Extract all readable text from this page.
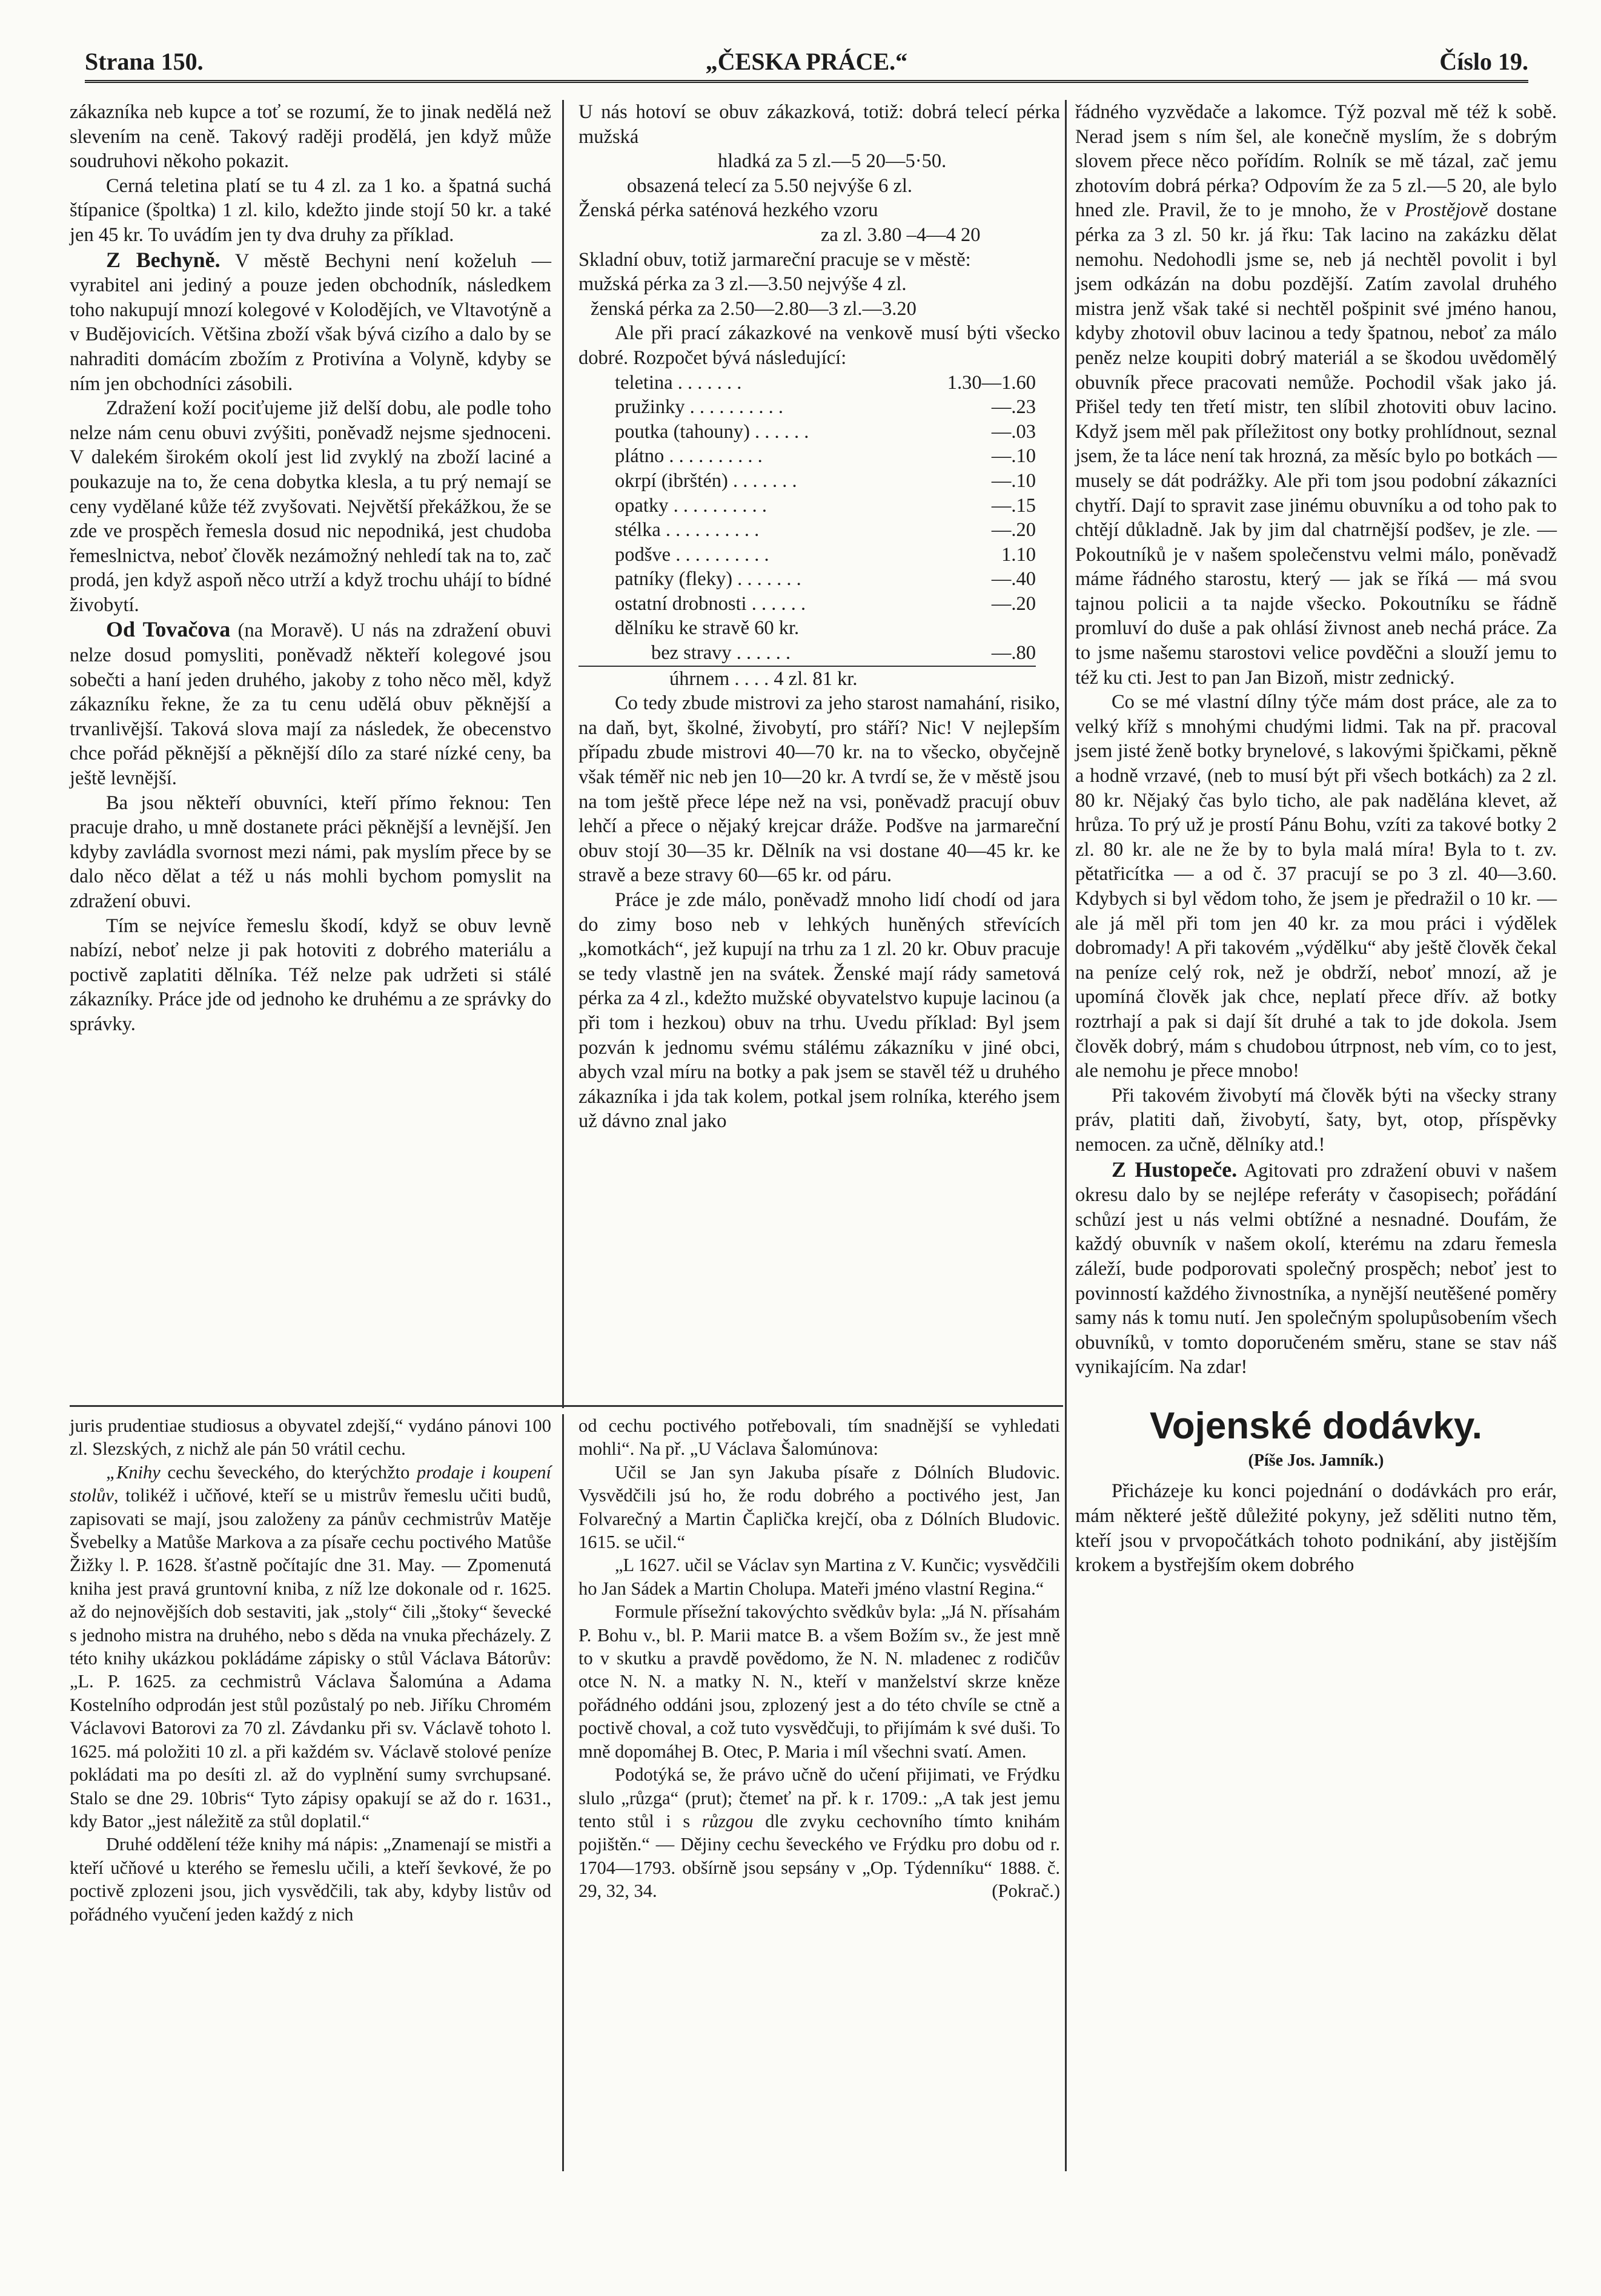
Strana 150.	„ČESKA PRÁCE.“	Číslo 19.

zákazníka neb kupce a toť se rozumí, že to jinak nedělá než slevením na ceně. Takový raději prodělá, jen když může soudruhovi někoho pokazit.

Cerná teletina platí se tu 4 zl. za 1 ko. a špatná suchá štípanice (špoltka) 1 zl. kilo, kdežto jinde stojí 50 kr. a také jen 45 kr. To uvádím jen ty dva druhy za příklad.

Z Bechyně. V městě Bechyni není koželuh — vyrabitel ani jediný a pouze jeden obchodník, následkem toho nakupují mnozí kolegové v Kolodějích, ve Vltavotýně a v Budějovicích. Většina zboží však bývá cizího a dalo by se nahraditi domácím zbožím z Protivína a Volyně, kdyby se ním jen obchodníci zásobili.

Zdražení koží pociťujeme již delší dobu, ale podle toho nelze nám cenu obuvi zvýšiti, poněvadž nejsme sjednoceni. V dalekém širokém okolí jest lid zvyklý na zboží laciné a poukazuje na to, že cena dobytka klesla, a tu prý nemají se ceny vydělané kůže též zvyšovati. Největší překážkou, že se zde ve prospěch řemesla dosud nic nepodniká, jest chudoba řemeslnictva, neboť člověk nezámožný nehledí tak na to, zač prodá, jen když aspoň něco utrží a když trochu uhájí to bídné živobytí.

Od Tovačova (na Moravě). U nás na zdražení obuvi nelze dosud pomysliti, poněvadž někteří kolegové jsou sobečti a haní jeden druhého, jakoby z toho něco měl, když zákazníku řekne, že za tu cenu udělá obuv pěknější a trvanlivější. Taková slova mají za následek, že obecenstvo chce pořád pěknější a pěknější dílo za staré nízké ceny, ba ještě levnější.

Ba jsou někteří obuvníci, kteří přímo řeknou: Ten pracuje draho, u mně dostanete práci pěknější a levnější. Jen kdyby zavládla svornost mezi námi, pak myslím přece by se dalo něco dělat a též u nás mohli bychom pomyslit na zdražení obuvi.

Tím se nejvíce řemeslu škodí, když se obuv levně nabízí, neboť nelze ji pak hotoviti z dobrého materiálu a poctivě zaplatiti dělníka. Též nelze pak udržeti si stálé zákazníky. Práce jde od jednoho ke druhému a ze správky do správky.

U nás hotoví se obuv zákazková, totiž: dobrá telecí pérka mužská

hladká za 5 zl.—5 20—5·50.

obsazená telecí za 5.50 nejvýše 6 zl.

Ženská pérka saténová hezkého vzoru

za zl. 3.80 –4—4 20

Skladní obuv, totiž jarmareční pracuje se v městě:

mužská pérka za 3 zl.—3.50 nejvýše 4 zl.

ženská pérka za 2.50—2.80—3 zl.—3.20

Ale při prací zákazkové na venkově musí býti všecko dobré. Rozpočet bývá následující:

teletina . . . . . . .	1.30—1.60
pružinky . . . . . . . . . .	—.23
poutka (tahouny) . . . . . .	—.03
plátno . . . . . . . . . .	—.10
okrpí (ibrštén) . . . . . . .	—.10
opatky . . . . . . . . . .	—.15
stélka . . . . . . . . . .	—.20
podšve . . . . . . . . . .	1.10
patníky (fleky) . . . . . . .	—.40
ostatní drobnosti . . . . . .	—.20
dělníku ke stravě 60 kr.
bez stravy . . . . . .	—.80
úhrnem . . . . 4 zl. 81 kr.

Co tedy zbude mistrovi za jeho starost namahání, risiko, na daň, byt, školné, živobytí, pro stáří? Nic! V nejlepším případu zbude mistrovi 40—70 kr. na to všecko, obyčejně však téměř nic neb jen 10—20 kr. A tvrdí se, že v městě jsou na tom ještě přece lépe než na vsi, poněvadž pracují obuv lehčí a přece o nějaký krejcar dráže. Podšve na jarmareční obuv stojí 30—35 kr. Dělník na vsi dostane 40—45 kr. ke stravě a beze stravy 60—65 kr. od páru.

Práce je zde málo, poněvadž mnoho lidí chodí od jara do zimy boso neb v lehkých huněných střevících „komotkách“, jež kupují na trhu za 1 zl. 20 kr. Obuv pracuje se tedy vlastně jen na svátek. Ženské mají rády sametová pérka za 4 zl., kdežto mužské obyvatelstvo kupuje lacinou (a při tom i hezkou) obuv na trhu. Uvedu příklad: Byl jsem pozván k jednomu svému stálému zákazníku v jiné obci, abych vzal míru na botky a pak jsem se stavěl též u druhého zákazníka i jda tak kolem, potkal jsem rolníka, kterého jsem už dávno znal jako

řádného vyzvědače a lakomce. Týž pozval mě též k sobě. Nerad jsem s ním šel, ale konečně myslím, že s dobrým slovem přece něco pořídím. Rolník se mě tázal, zač jemu zhotovím dobrá pérka? Odpovím že za 5 zl.—5 20, ale bylo hned zle. Pravil, že to je mnoho, že v Prostějově dostane pérka za 3 zl. 50 kr. já řku: Tak lacino na zakázku dělat nemohu. Nedohodli jsme se, neb já nechtěl povolit i byl jsem odkázán na dobu pozdější. Zatím zavolal druhého mistra jenž však také si nechtěl pošpinit své jméno hanou, kdyby zhotovil obuv lacinou a tedy špatnou, neboť za málo peněz nelze koupiti dobrý materiál a se škodou uvědomělý obuvník přece pracovati nemůže. Pochodil však jako já. Přišel tedy ten třetí mistr, ten slíbil zhotoviti obuv lacino. Když jsem měl pak příležitost ony botky prohlídnout, seznal jsem, že ta láce není tak hrozná, za měsíc bylo po botkách — musely se dát podrážky. Ale při tom jsou podobní zákazníci chytří. Dají to spravit zase jinému obuvníku a od toho pak to chtějí důkladně. Jak by jim dal chatrnější podšev, je zle. — Pokoutníků je v našem společenstvu velmi málo, poněvadž máme řádného starostu, který — jak se říká — má svou tajnou policii a ta najde všecko. Pokoutníku se řádně promluví do duše a pak ohlásí živnost aneb nechá práce. Za to jsme našemu starostovi velice povděčni a slouží jemu to též ku cti. Jest to pan Jan Bizoň, mistr zednický.

Co se mé vlastní dílny týče mám dost práce, ale za to velký kříž s mnohými chudými lidmi. Tak na př. pracoval jsem jisté ženě botky brynelové, s lakovými špičkami, pěkně a hodně vrzavé, (neb to musí být při všech botkách) za 2 zl. 80 kr. Nějaký čas bylo ticho, ale pak nadělána klevet, až hrůza. To prý už je prostí Pánu Bohu, vzíti za takové botky 2 zl. 80 kr. ale ne že by to byla malá míra! Byla to t. zv. pětatřicítka — a od č. 37 pracují se po 3 zl. 40—3.60. Kdybych si byl vědom toho, že jsem je předražil o 10 kr. — ale já měl při tom jen 40 kr. za mou práci i výdělek dobromady! A při takovém „výdělku“ aby ještě člověk čekal na peníze celý rok, než je obdrží, neboť mnozí, až je upomíná člověk jak chce, neplatí přece dřív. až botky roztrhají a pak si dají šít druhé a tak to jde dokola. Jsem člověk dobrý, mám s chudobou útrpnost, neb vím, co to jest, ale nemohu je přece mnobo!

Při takovém živobytí má člověk býti na všecky strany práv, platiti daň, živobytí, šaty, byt, otop, příspěvky nemocen. za učně, dělníky atd.!

Z Hustopeče. Agitovati pro zdražení obuvi v našem okresu dalo by se nejlépe referáty v časopisech; pořádání schůzí jest u nás velmi obtížné a nesnadné. Doufám, že každý obuvník v našem okolí, kterému na zdaru řemesla záleží, bude podporovati společný prospěch; neboť jest to povinností každého živnostníka, a nynější neutěšené poměry samy nás k tomu nutí. Jen společným spolupůsobením všech obuvníků, v tomto doporučeném směru, stane se stav náš vynikajícím. Na zdar!

Vojenské dodávky.
(Píše Jos. Jamník.)

Přicházeje ku konci pojednání o dodávkách pro erár, mám některé ještě důležité pokyny, jež sděliti nutno těm, kteří jsou v prvopočátkách tohoto podnikání, aby jistějším krokem a bystřejším okem dobrého

juris prudentiae studiosus a obyvatel zdejší,“ vydáno pánovi 100 zl. Slezských, z nichž ale pán 50 vrátil cechu.

„Knihy cechu ševeckého, do kterýchžto prodaje i koupení stolův, tolikéž i učňové, kteří se u mistrův řemeslu učiti budů, zapisovati se mají, jsou založeny za pánův cechmistrův Matěje Švebelky a Matůše Markova a za písaře cechu poctivého Matůše Žižky l. P. 1628. šťastně počítajíc dne 31. May. — Zpomenutá kniha jest pravá gruntovní kniba, z níž lze dokonale od r. 1625. až do nejnovějších dob sestaviti, jak „stoly“ čili „štoky“ ševecké s jednoho mistra na druhého, nebo s děda na vnuka přecházely. Z této knihy ukázkou pokládáme zápisky o stůl Václava Bátorův: „L. P. 1625. za cechmistrů Václava Šalomúna a Adama Kostelního odprodán jest stůl pozůstalý po neb. Jiříku Chromém Václavovi Batorovi za 70 zl. Závdanku při sv. Václavě tohoto l. 1625. má položiti 10 zl. a při každém sv. Václavě stolové peníze pokládati ma po desíti zl. až do vyplnění sumy svrchupsané. Stalo se dne 29. 10bris“ Tyto zápisy opakují se až do r. 1631., kdy Bator „jest náležitě za stůl doplatil.“

Druhé oddělení téže knihy má nápis: „Znamenají se mistři a kteří učňové u kterého se řemeslu učili, a kteří ševkové, že po poctivě zplozeni jsou, jich vysvědčili, tak aby, kdyby listův od pořádného vyučení jeden každý z nich

od cechu poctivého potřebovali, tím snadnější se vyhledati mohli“. Na př. „U Václava Šalomúnova:

Učil se Jan syn Jakuba písaře z Dólních Bludovic. Vysvědčili jsú ho, že rodu dobrého a poctivého jest, Jan Folvarečný a Martin Čaplička krejčí, oba z Dólních Bludovic. 1615. se učil.“

„L 1627. učil se Václav syn Martina z V. Kunčic; vysvědčili ho Jan Sádek a Martin Cholupa. Mateři jméno vlastní Regina.“

Formule přísežní takovýchto svědkův byla: „Já N. přísahám P. Bohu v., bl. P. Marii matce B. a všem Božím sv., že jest mně to v skutku a pravdě povědomo, že N. N. mladenec z rodičův otce N. N. a matky N. N., kteří v manželství skrze kněze pořádného oddáni jsou, zplozený jest a do této chvíle se ctně a poctivě choval, a což tuto vysvědčuji, to přijímám k své duši. To mně dopomáhej B. Otec, P. Maria i míl všechni svatí. Amen.

Podotýká se, že právo učně do učení přijimati, ve Frýdku slulo „růzga“ (prut); čtemeť na př. k r. 1709.: „A tak jest jemu tento stůl i s růzgou dle zvyku cechovního tímto knihám pojištěn.“ — Dějiny cechu ševeckého ve Frýdku pro dobu od r. 1704—1793. obšírně jsou sepsány v „Op. Týdenníku“ 1888. č. 29, 32, 34.	(Pokrač.)
